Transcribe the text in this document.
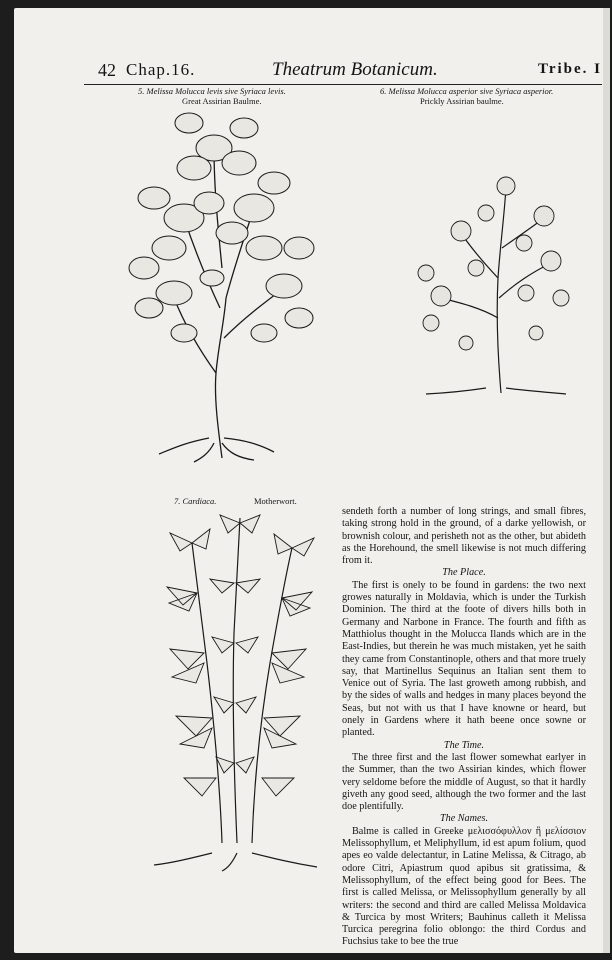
42 Chap.16.	Theatrum Botanicum.	Tribe. I
5. Melissa Molucca levis sive Syriaca levis.
Great Assirian Baulme.
6. Melissa Molucca asperior sive Syriaca asperior.
Prickly Assirian baulme.
7. Cardiaca.	Motherwort.

sendeth forth a number of long strings, and small fibres, taking strong hold in the ground, of a darke yellowish, or brownish colour, and perisheth not as the other, but abideth as the Horehound, the smell likewise is not much differing from it.

The Place.

The first is onely to be found in gardens: the two next growes naturally in Moldavia, which is under the Turkish Dominion. The third at the foote of divers hills both in Germany and Narbone in France. The fourth and fifth as Matthiolus thought in the Molucca Ilands which are in the East-Indies, but therein he was much mistaken, yet he saith they came from Constantinople, others and that more truely say, that Martinellus Sequinus an Italian sent them to Venice out of Syria. The last groweth among rubbish, and by the sides of walls and hedges in many places beyond the Seas, but not with us that I have knowne or heard, but onely in Gardens where it hath beene once sowne or planted.

The Time.

The three first and the last flower somewhat earlyer in the Summer, than the two Assirian kindes, which flower very seldome before the middle of August, so that it hardly giveth any good seed, although the two former and the last doe plentifully.

The Names.

Balme is called in Greeke μελισσόφυλλον ἢ μελίσσιον Melissophyllum, et Meliphyllum, id est apum folium, quod apes eo valde delectantur, in Latine Melissa, & Citrago, ab odore Citri, Apiastrum quod apibus sit gratissima, & Melissophyllum, of the effect being good for Bees. The first is called Melissa, or Melissophyllum generally by all writers: the second and third are called Melissa Moldavica & Turcica by most Writers; Bauhinus calleth it Melissa Turcica peregrina folio oblongo: the third Cordus and Fuchsius take to bee the true
